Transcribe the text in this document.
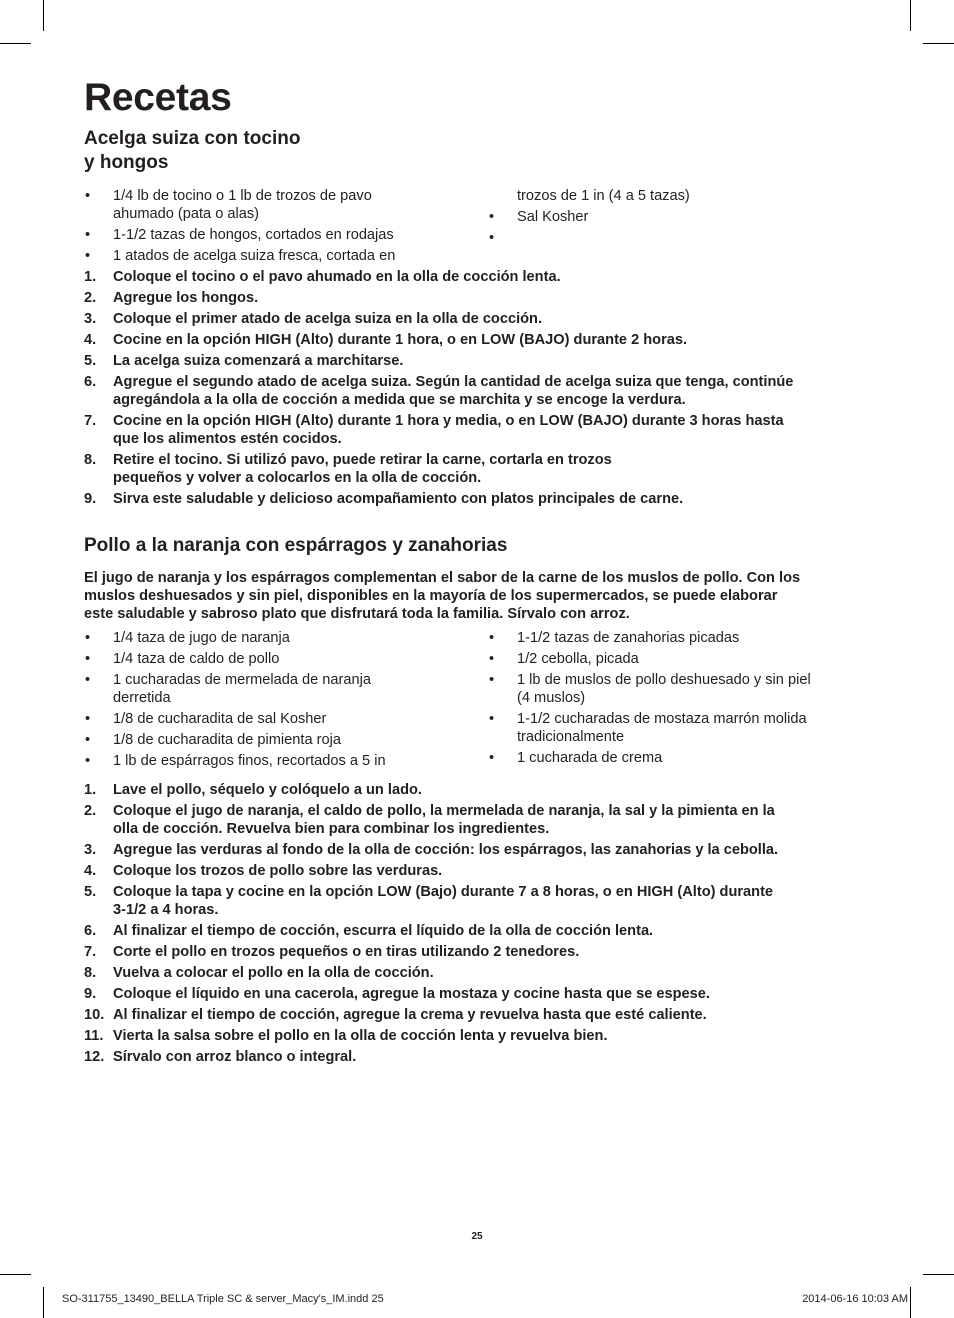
Recetas
Acelga suiza con tocino
y hongos
• 1/4 lb de tocino o 1 lb de trozos de pavo
ahumado (pata o alas)
• 1-1/2 tazas de hongos, cortados en rodajas
• 1 atados de acelga suiza fresca, cortada en
trozos de 1 in (4 a 5 tazas)
• Sal Kosher
•

1. Coloque el tocino o el pavo ahumado en la olla de cocción lenta.
2. Agregue los hongos.
3. Coloque el primer atado de acelga suiza en la olla de cocción.
4. Cocine en la opción HIGH (Alto) durante 1 hora, o en LOW (BAJO) durante 2 horas.
5. La acelga suiza comenzará a marchitarse.
6. Agregue el segundo atado de acelga suiza. Según la cantidad de acelga suiza que tenga, continúe
agregándola a la olla de cocción a medida que se marchita y se encoge la verdura.
7. Cocine en la opción HIGH (Alto) durante 1 hora y media, o en LOW (BAJO) durante 3 horas hasta
que los alimentos estén cocidos.
8. Retire el tocino. Si utilizó pavo, puede retirar la carne, cortarla en trozos
pequeños y volver a colocarlos en la olla de cocción.
9. Sirva este saludable y delicioso acompañamiento con platos principales de carne.
Pollo a la naranja con espárragos y zanahorias

El jugo de naranja y los espárragos complementan el sabor de la carne de los muslos de pollo. Con los
muslos deshuesados y sin piel, disponibles en la mayoría de los supermercados, se puede elaborar
este saludable y sabroso plato que disfrutará toda la familia. Sírvalo con arroz.

• 1/4 taza de jugo de naranja
• 1/4 taza de caldo de pollo
• 1 cucharadas de mermelada de naranja
derretida
• 1/8 de cucharadita de sal Kosher
• 1/8 de cucharadita de pimienta roja
• 1 lb de espárragos finos, recortados a 5 in
• 1-1/2 tazas de zanahorias picadas
• 1/2 cebolla, picada
• 1 lb de muslos de pollo deshuesado y sin piel
(4 muslos)
• 1-1/2 cucharadas de mostaza marrón molida
tradicionalmente
• 1 cucharada de crema
1. Lave el pollo, séquelo y colóquelo a un lado.
2. Coloque el jugo de naranja, el caldo de pollo, la mermelada de naranja, la sal y la pimienta en la
olla de cocción. Revuelva bien para combinar los ingredientes.
3. Agregue las verduras al fondo de la olla de cocción: los espárragos, las zanahorias y la cebolla.
4. Coloque los trozos de pollo sobre las verduras.
5. Coloque la tapa y cocine en la opción LOW (Bajo) durante 7 a 8 horas, o en HIGH (Alto) durante
3-1/2 a 4 horas.
6. Al finalizar el tiempo de cocción, escurra el líquido de la olla de cocción lenta.
7. Corte el pollo en trozos pequeños o en tiras utilizando 2 tenedores.
8. Vuelva a colocar el pollo en la olla de cocción.
9. Coloque el líquido en una cacerola, agregue la mostaza y cocine hasta que se espese.
10. Al finalizar el tiempo de cocción, agregue la crema y revuelva hasta que esté caliente.
11. Vierta la salsa sobre el pollo en la olla de cocción lenta y revuelva bien.
12. Sírvalo con arroz blanco o integral.
25
SO-311755_13490_BELLA Triple SC & server_Macy's_IM.indd 25	2014-06-16 10:03 AM
